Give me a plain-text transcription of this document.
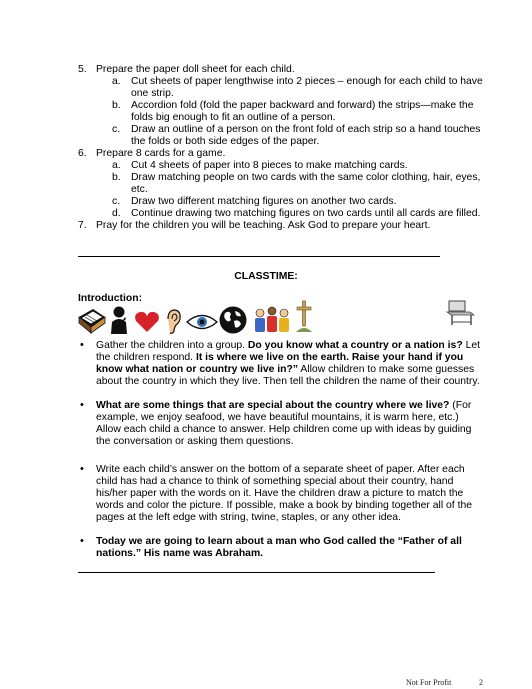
5. Prepare the paper doll sheet for each child.
a. Cut sheets of paper lengthwise into 2 pieces – enough for each child to have
one strip.
b. Accordion fold (fold the paper backward and forward) the strips—make the
folds big enough to fit an outline of a person.
c. Draw an outline of a person on the front fold of each strip so a hand touches
the folds or both side edges of the paper.
6. Prepare 8 cards for a game.
a. Cut 4 sheets of paper into 8 pieces to make matching cards.
b. Draw matching people on two cards with the same color clothing, hair, eyes,
etc.
c. Draw two different matching figures on another two cards.
d. Continue drawing two matching figures on two cards until all cards are filled.
7. Pray for the children you will be teaching. Ask God to prepare your heart.
CLASSTIME:
Introduction:
• Gather the children into a group. Do you know what a country or a nation is? Let
the children respond. It is where we live on the earth. Raise your hand if you
know what nation or country we live in?” Allow children to make some guesses
about the country in which they live. Then tell the children the name of their country.
• What are some things that are special about the country where we live? (For
example, we enjoy seafood, we have beautiful mountains, it is warm here, etc.)
Allow each child a chance to answer. Help children come up with ideas by guiding
the conversation or asking them questions.
• Write each child’s answer on the bottom of a separate sheet of paper. After each
child has had a chance to think of something special about their country, hand
his/her paper with the words on it. Have the children draw a picture to match the
words and color the picture. If possible, make a book by binding together all of the
pages at the left edge with string, twine, staples, or any other idea.
• Today we are going to learn about a man who God called the “Father of all
nations.” His name was Abraham.
Not For Profit	2
